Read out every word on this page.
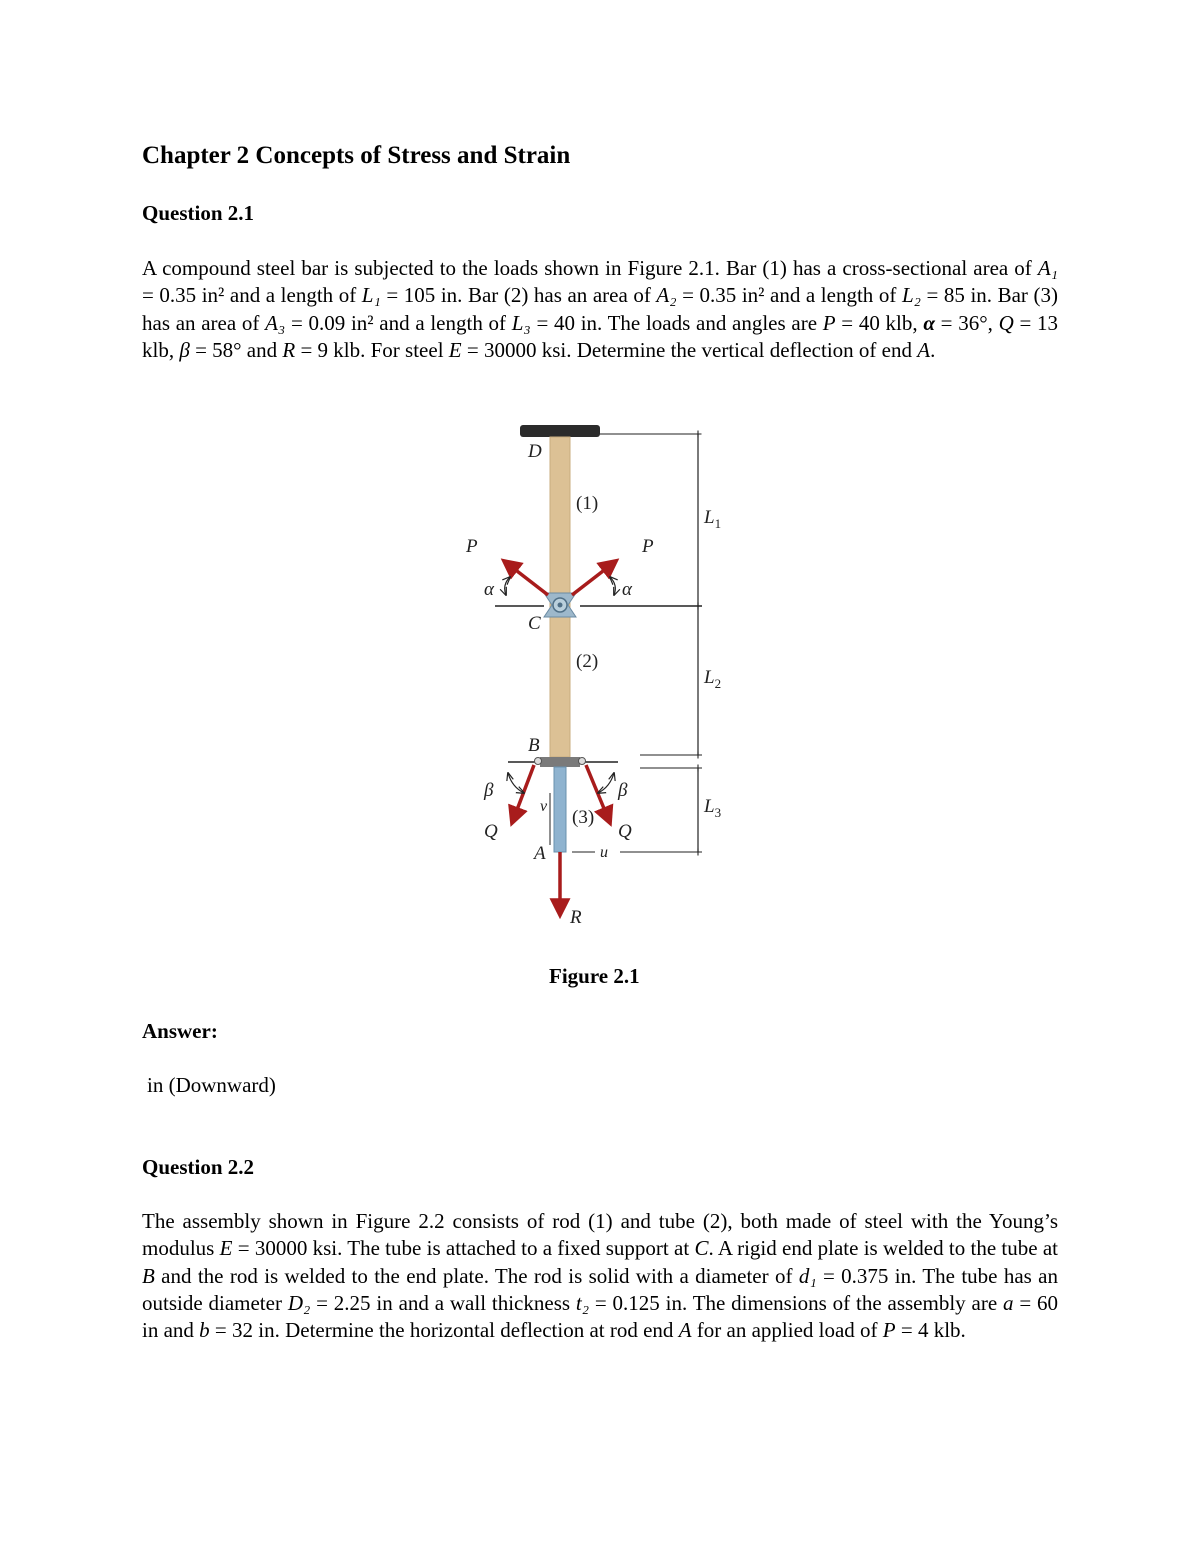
Chapter 2 Concepts of Stress and Strain
Question 2.1

A compound steel bar is subjected to the loads shown in Figure 2.1. Bar (1) has a cross-sectional area of A₁ = 0.35 in² and a length of L₁ = 105 in. Bar (2) has an area of A₂ = 0.35 in² and a length of L₂ = 85 in. Bar (3) has an area of A₃ = 0.09 in² and a length of L₃ = 40 in. The loads and angles are P = 40 klb, α = 36°, Q = 13 klb, β = 58° and R = 9 klb. For steel E = 30000 ksi. Determine the vertical deflection of end A.

D
(1)
P	P
α	α
C
(2)
B
β	β
v
(3)
Q	Q
A	u
R
$L_1$
$L_2$
$L_3$

Figure 2.1

Answer:

in (Downward)

Question 2.2

The assembly shown in Figure 2.2 consists of rod (1) and tube (2), both made of steel with the Young’s modulus E = 30000 ksi. The tube is attached to a fixed support at C. A rigid end plate is welded to the tube at B and the rod is welded to the end plate. The rod is solid with a diameter of d₁ = 0.375 in. The tube has an outside diameter D₂ = 2.25 in and a wall thickness t₂ = 0.125 in. The dimensions of the assembly are a = 60 in and b = 32 in. Determine the horizontal deflection at rod end A for an applied load of P = 4 klb.
